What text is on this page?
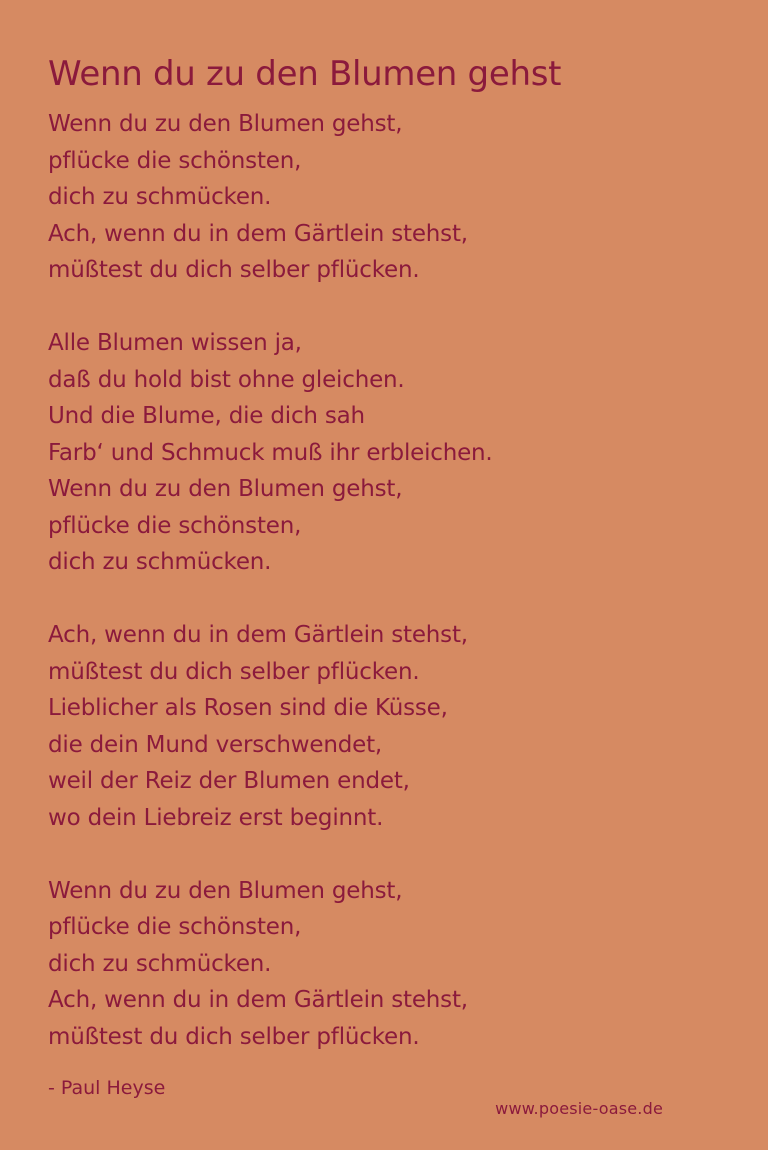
Wenn du zu den Blumen gehst
Wenn du zu den Blumen gehst,
pflücke die schönsten,
dich zu schmücken.
Ach, wenn du in dem Gärtlein stehst,
müßtest du dich selber pflücken.
Alle Blumen wissen ja,
daß du hold bist ohne gleichen.
Und die Blume, die dich sah
Farb‘ und Schmuck muß ihr erbleichen.
Wenn du zu den Blumen gehst,
pflücke die schönsten,
dich zu schmücken.
Ach, wenn du in dem Gärtlein stehst,
müßtest du dich selber pflücken.
Lieblicher als Rosen sind die Küsse,
die dein Mund verschwendet,
weil der Reiz der Blumen endet,
wo dein Liebreiz erst beginnt.
Wenn du zu den Blumen gehst,
pflücke die schönsten,
dich zu schmücken.
Ach, wenn du in dem Gärtlein stehst,
müßtest du dich selber pflücken.
- Paul Heyse
www.poesie-oase.de
